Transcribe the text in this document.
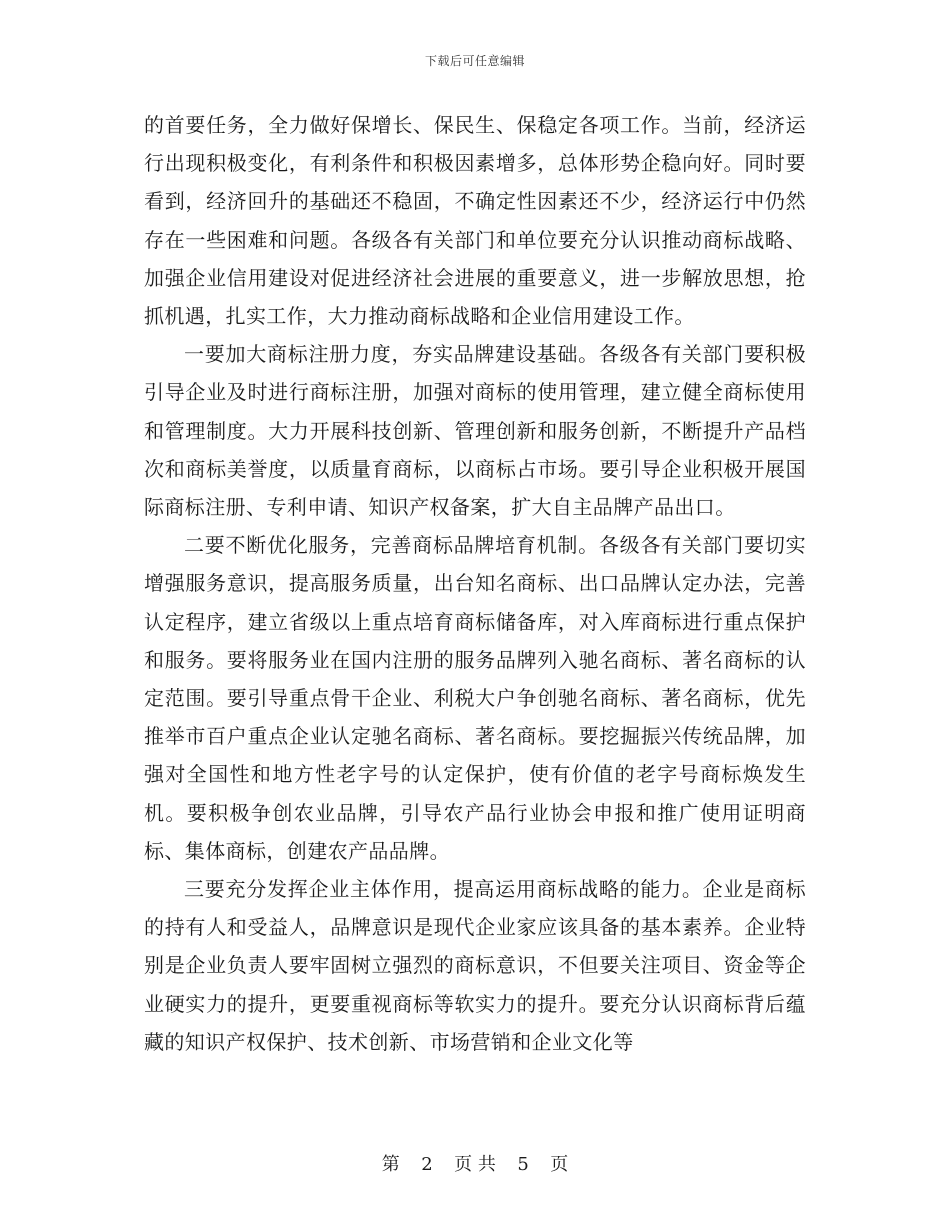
下载后可任意编辑

的首要任务，全力做好保增长、保民生、保稳定各项工作。当前，经济运行出现积极变化，有利条件和积极因素增多，总体形势企稳向好。同时要看到，经济回升的基础还不稳固，不确定性因素还不少，经济运行中仍然存在一些困难和问题。各级各有关部门和单位要充分认识推动商标战略、加强企业信用建设对促进经济社会进展的重要意义，进一步解放思想，抢抓机遇，扎实工作，大力推动商标战略和企业信用建设工作。

一要加大商标注册力度，夯实品牌建设基础。各级各有关部门要积极引导企业及时进行商标注册，加强对商标的使用管理，建立健全商标使用和管理制度。大力开展科技创新、管理创新和服务创新，不断提升产品档次和商标美誉度，以质量育商标，以商标占市场。要引导企业积极开展国际商标注册、专利申请、知识产权备案，扩大自主品牌产品出口。

二要不断优化服务，完善商标品牌培育机制。各级各有关部门要切实增强服务意识，提高服务质量，出台知名商标、出口品牌认定办法，完善认定程序，建立省级以上重点培育商标储备库，对入库商标进行重点保护和服务。要将服务业在国内注册的服务品牌列入驰名商标、著名商标的认定范围。要引导重点骨干企业、利税大户争创驰名商标、著名商标，优先推举市百户重点企业认定驰名商标、著名商标。要挖掘振兴传统品牌，加强对全国性和地方性老字号的认定保护，使有价值的老字号商标焕发生机。要积极争创农业品牌，引导农产品行业协会申报和推广使用证明商标、集体商标，创建农产品品牌。

三要充分发挥企业主体作用，提高运用商标战略的能力。企业是商标的持有人和受益人，品牌意识是现代企业家应该具备的基本素养。企业特别是企业负责人要牢固树立强烈的商标意识，不但要关注项目、资金等企业硬实力的提升，更要重视商标等软实力的提升。要充分认识商标背后蕴藏的知识产权保护、技术创新、市场营销和企业文化等

第 2 页 共 5 页
